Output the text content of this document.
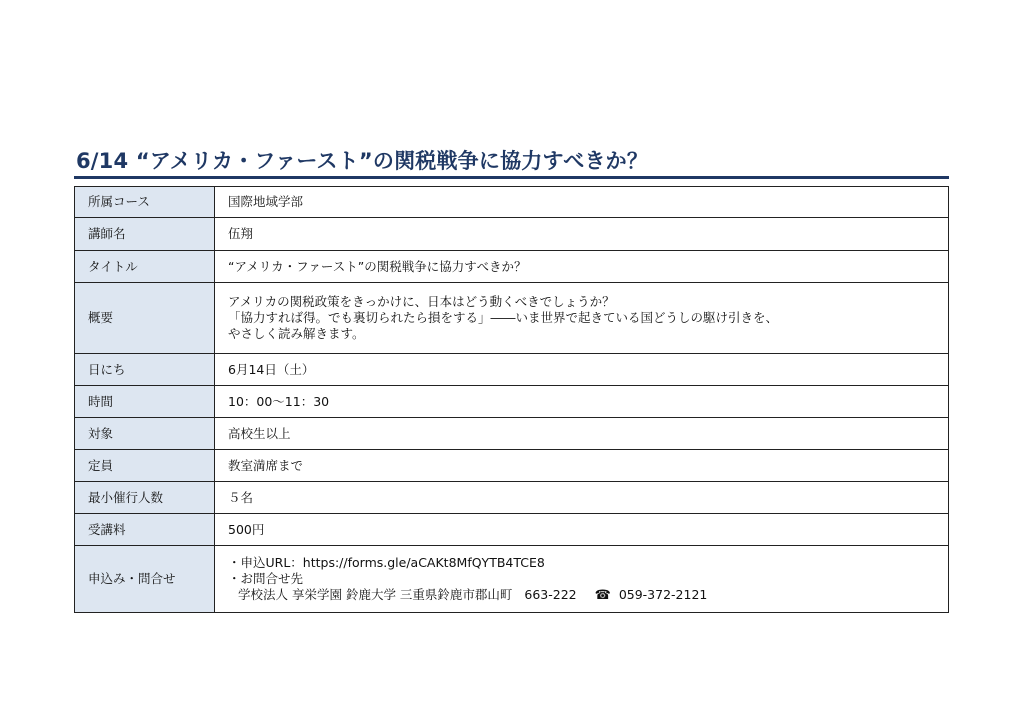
6/14 “アメリカ・ファースト”の関税戦争に協力すべきか？
所属コース	国際地域学部
講師名	伍翔
タイトル	“アメリカ・ファースト”の関税戦争に協力すべきか？
概要	アメリカの関税政策をきっかけに、日本はどう動くべきでしょうか？
「協力すれば得。でも裏切られたら損をする」――いま世界で起きている国どうしの駆け引きを、
やさしく読み解きます。

日にち	6月14日（土）
時間	10：00～11：30
対象	高校生以上
定員	教室満席まで
最小催行人数	５名
受講料	500円
申込み・問合せ	・申込URL：https://forms.gle/aCAKt8MfQYTB4TCE8
・お問合せ先
学校法人 享栄学園 鈴鹿大学 三重県鈴鹿市郡山町 663-222 ☎ 059-372-2121
